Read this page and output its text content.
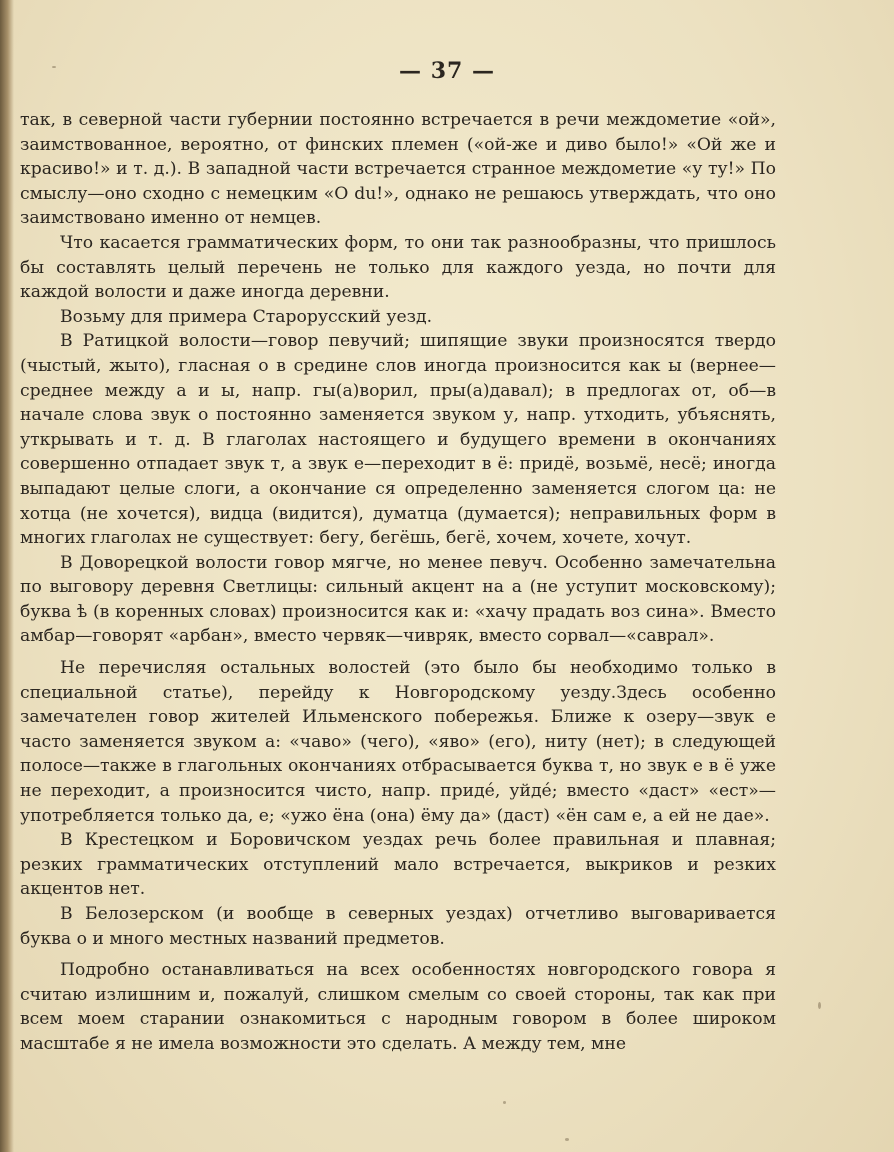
— 37 —

так, в северной части губернии постоянно встречается в речи междометие «ой», заимствованное, вероятно, от финских племен («ой-же и диво было!» «Ой же и красиво!» и т. д.). В западной части встречается странное междометие «у ту!» По смыслу—оно сходно с немецким «O du!», однако не решаюсь утверждать, что оно заимствовано именно от немцев.

Что касается грамматических форм, то они так разнообразны, что пришлось бы составлять целый перечень не только для каждого уезда, но почти для каждой волости и даже иногда деревни.

Возьму для примера Старорусский уезд.

В Ратицкой волости—говор певучий; шипящие звуки произносятся твердо (чыстый, жыто), гласная о в средине слов иногда произносится как ы (вернее—среднее между а и ы, напр. гы(а)ворил, пры(а)давал); в предлогах от, об—в начале слова звук о постоянно заменяется звуком у, напр. утходить, убъяснять, уткрывать и т. д. В глаголах настоящего и будущего времени в окончаниях совершенно отпадает звук т, а звук е—переходит в ё: придё, возьмё, несё; иногда выпадают целые слоги, а окончание ся определенно заменяется слогом ца: не хотца (не хочется), видца (видится), думатца (думается); неправильных форм в многих глаголах не существует: бегу, бегёшь, бегё, хочем, хочете, хочут.

В Доворецкой волости говор мягче, но менее певуч. Особенно замечательна по выговору деревня Светлицы: сильный акцент на а (не уступит московскому); буква ѣ (в коренных словах) произносится как и: «хачу прадать воз сина». Вместо амбар—говорят «арбан», вместо червяк—чивряк, вместо сорвал—«саврал».

Не перечисляя остальных волостей (это было бы необходимо только в специальной статье), перейду к Новгородскому уезду.Здесь особенно замечателен говор жителей Ильменского побережья. Ближе к озеру—звук е часто заменяется звуком а: «чаво» (чего), «яво» (его), ниту (нет); в следующей полосе—также в глагольных окончаниях отбрасывается буква т, но звук е в ё уже не переходит, а произносится чисто, напр. придé, уйдé; вместо «даст» «ест»—употребляется только да, е; «ужо ёна (она) ёму да» (даст) «ён сам е, а ей не дае».

В Крестецком и Боровичском уездах речь более правильная и плавная; резких грамматических отступлений мало встречается, выкриков и резких акцентов нет.

В Белозерском (и вообще в северных уездах) отчетливо выговаривается буква о и много местных названий предметов.

Подробно останавливаться на всех особенностях новгородского говора я считаю излишним и, пожалуй, слишком смелым со своей стороны, так как при всем моем старании ознакомиться с народным говором в более широком масштабе я не имела возможности это сделать. А между тем, мне
